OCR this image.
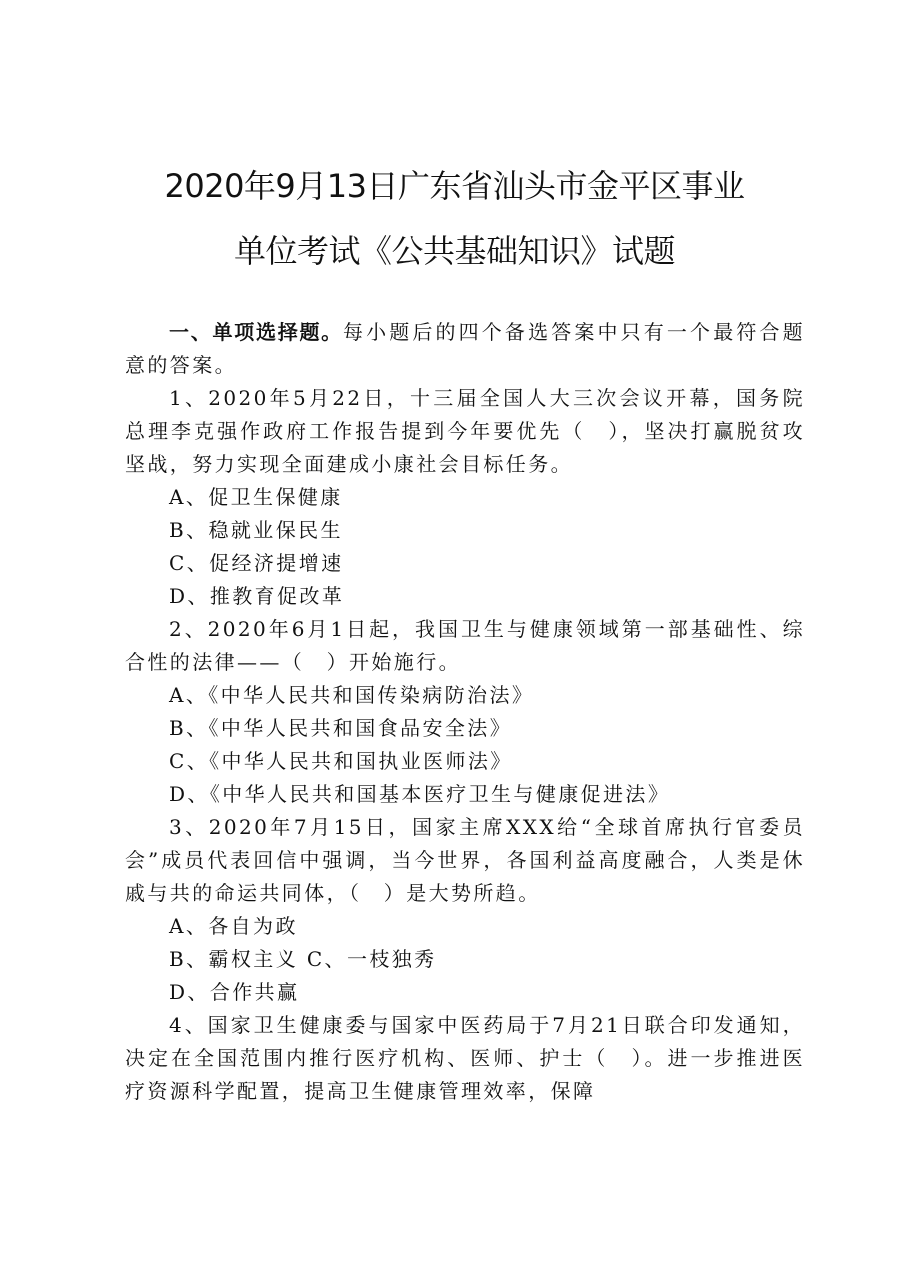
2020年9月13日广东省汕头市金平区事业
单位考试《公共基础知识》试题

一、单项选择题。每小题后的四个备选答案中只有一个最符合题意的答案。

1、2020年5月22日，十三届全国人大三次会议开幕，国务院总理李克强作政府工作报告提到今年要优先（　），坚决打赢脱贫攻坚战，努力实现全面建成小康社会目标任务。

A、促卫生保健康

B、稳就业保民生

C、促经济提增速

D、推教育促改革

2、2020年6月1日起，我国卫生与健康领域第一部基础性、综合性的法律——（　）开始施行。

A、《中华人民共和国传染病防治法》

B、《中华人民共和国食品安全法》

C、《中华人民共和国执业医师法》

D、《中华人民共和国基本医疗卫生与健康促进法》

3、2020年7月15日，国家主席XXX给“全球首席执行官委员会”成员代表回信中强调，当今世界，各国利益高度融合，人类是休戚与共的命运共同体，（　）是大势所趋。

A、各自为政

B、霸权主义 C、一枝独秀

D、合作共赢

4、国家卫生健康委与国家中医药局于7月21日联合印发通知，决定在全国范围内推行医疗机构、医师、护士（　）。进一步推进医疗资源科学配置，提高卫生健康管理效率，保障
